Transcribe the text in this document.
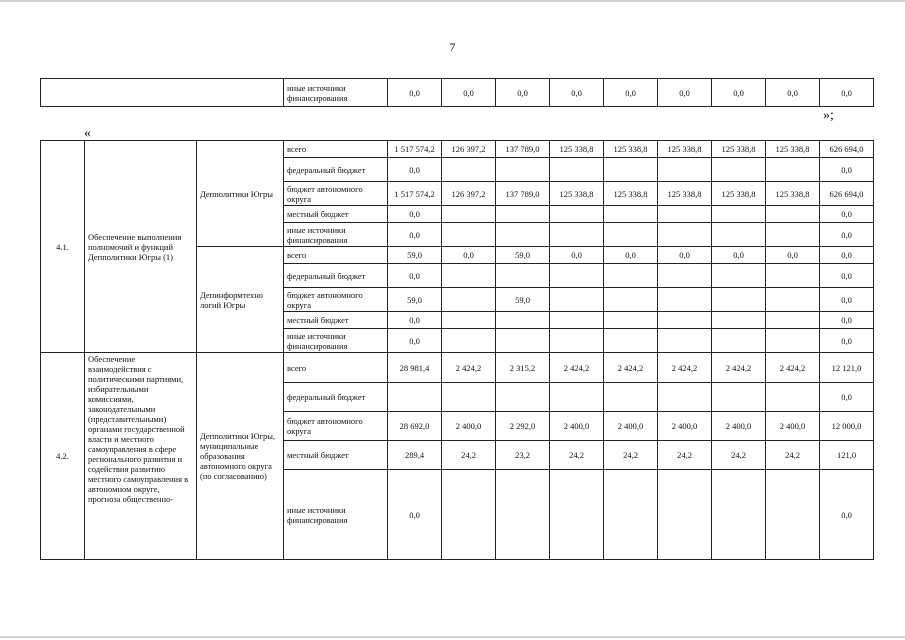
7
	иные источники финансирования	0,0	0,0	0,0	0,0	0,0	0,0	0,0	0,0	0,0
»;
«
4.1.	Обеспечение выполнения полномочий и функций Депполитики Югры (1)	Депполитики Югры	всего	1 517 574,2	126 397,2	137 789,0	125 338,8	125 338,8	125 338,8	125 338,8	125 338,8	626 694,0
			федеральный бюджет	0,0								0,0
			бюджет автономного округа	1 517 574,2	126 397,2	137 789,0	125 338,8	125 338,8	125 338,8	125 338,8	125 338,8	626 694,0
			местный бюджет	0,0								0,0
			иные источники финансирования	0,0								0,0
		Депинформтехно логий Югры	всего	59,0	0,0	59,0	0,0	0,0	0,0	0,0	0,0	0,0
			федеральный бюджет	0,0								0,0
			бюджет автономного округа	59,0		59,0						0,0
			местный бюджет	0,0								0,0
			иные источники финансирования	0,0								0,0
4.2.	Обеспечение взаимодействия с политическими партиями, избирательными комиссиями, законодательными (представительными) органами государственной власти и местного самоуправления в сфере регионального развития и содействия развитию местного самоуправления в автономном округе, прогноза общественно-	Депполитики Югры, муниципальные образования автономного округа (по согласованию)	всего	28 981,4	2 424,2	2 315,2	2 424,2	2 424,2	2 424,2	2 424,2	2 424,2	12 121,0
			федеральный бюджет									0,0
			бюджет автономного округа	28 692,0	2 400,0	2 292,0	2 400,0	2 400,0	2 400,0	2 400,0	2 400,0	12 000,0
			местный бюджет	289,4	24,2	23,2	24,2	24,2	24,2	24,2	24,2	121,0
			иные источники финансирования	0,0								0,0
